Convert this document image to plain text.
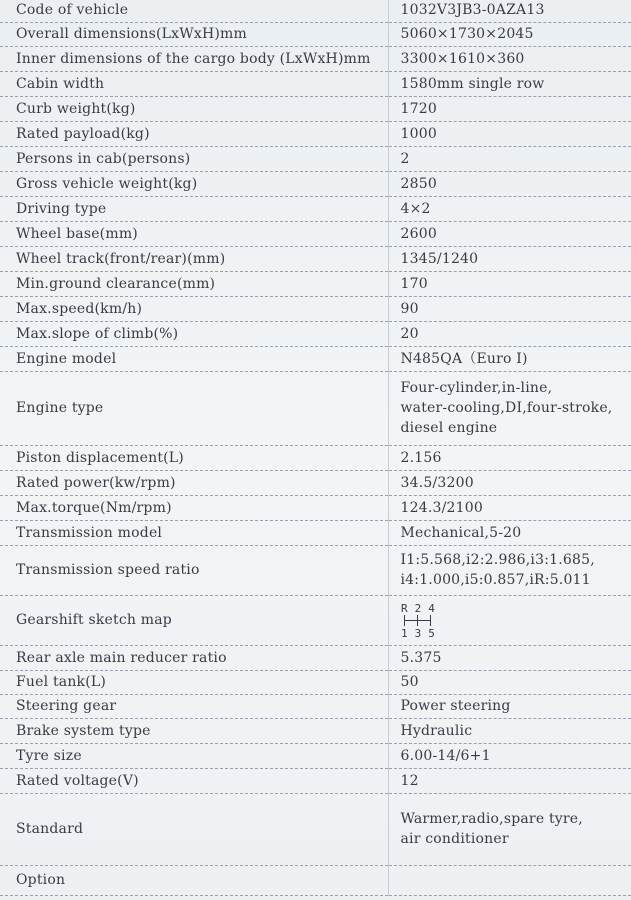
Code of vehicle	1032V3JB3-0AZA13
Overall dimensions(LxWxH)mm	5060×1730×2045
Inner dimensions of the cargo body (LxWxH)mm	3300×1610×360
Cabin width	1580mm single row
Curb weight(kg)	1720
Rated payload(kg)	1000
Persons in cab(persons)	2
Gross vehicle weight(kg)	2850
Driving type	4×2
Wheel base(mm)	2600
Wheel track(front/rear)(mm)	1345/1240
Min.ground clearance(mm)	170
Max.speed(km/h)	90
Max.slope of climb(%)	20
Engine model	N485QA（Euro I)
Engine type	Four-cylinder,in-line,
water-cooling,DI,four-stroke,
diesel engine

Piston displacement(L)	2.156
Rated power(kw/rpm)	34.5/3200
Max.torque(Nm/rpm)	124.3/2100
Transmission model	Mechanical,5-20
Transmission speed ratio	I1:5.568,i2:2.986,i3:1.685,
i4:1.000,i5:0.857,iR:5.011

Gearshift sketch map	R 2 4
1 3 5

Rear axle main reducer ratio	5.375
Fuel tank(L)	50
Steering gear	Power steering
Brake system type	Hydraulic
Tyre size	6.00-14/6+1
Rated voltage(V)	12
Standard	Warmer,radio,spare tyre,
air conditioner

Option	
